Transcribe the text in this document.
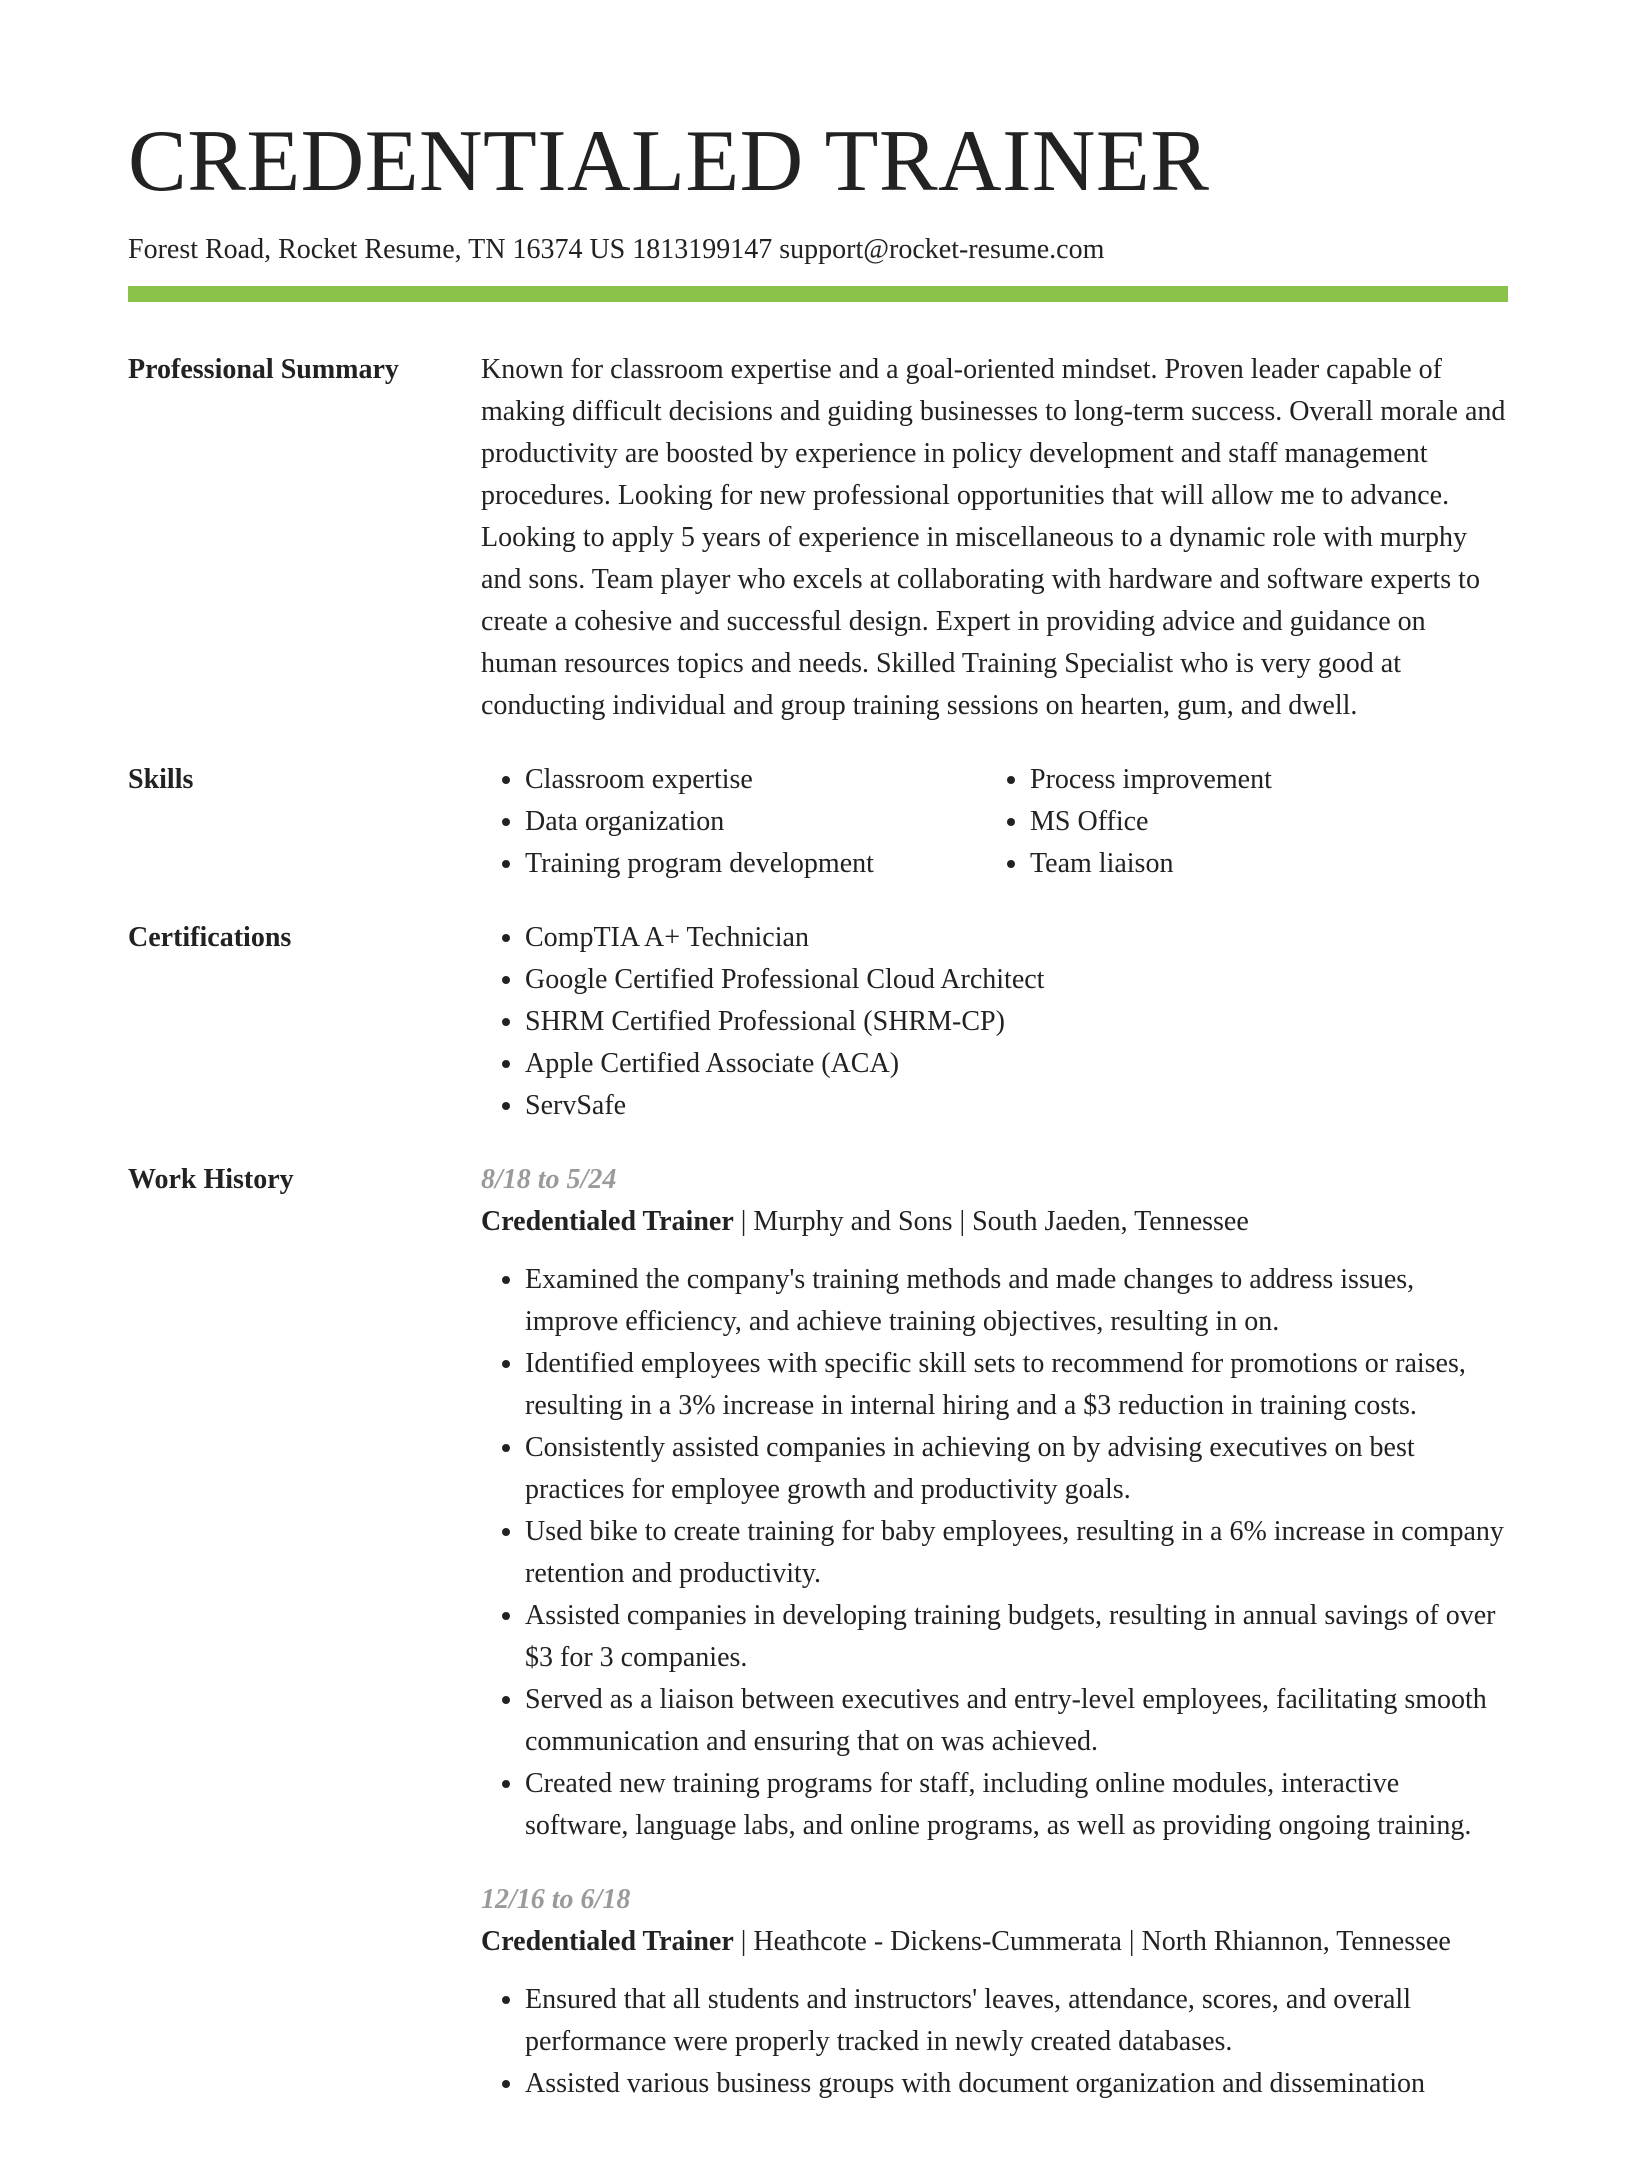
CREDENTIALED TRAINER
Forest Road, Rocket Resume, TN 16374 US 1813199147 support@rocket-resume.com
Professional Summary	Known for classroom expertise and a goal-oriented mindset. Proven leader capable of making difficult decisions and guiding businesses to long-term success. Overall morale and productivity are boosted by experience in policy development and staff management procedures. Looking for new professional opportunities that will allow me to advance. Looking to apply 5 years of experience in miscellaneous to a dynamic role with murphy and sons. Team player who excels at collaborating with hardware and software experts to create a cohesive and successful design. Expert in providing advice and guidance on human resources topics and needs. Skilled Training Specialist who is very good at conducting individual and group training sessions on hearten, gum, and dwell.

Skills	• Classroom expertise
• Data organization
• Training program development
• Process improvement
• MS Office
• Team liaison
Certifications	• CompTIA A+ Technician
• Google Certified Professional Cloud Architect
• SHRM Certified Professional (SHRM-CP)
• Apple Certified Associate (ACA)
• ServSafe
Work History	8/18 to 5/24
Credentialed Trainer | Murphy and Sons | South Jaeden, Tennessee
• Examined the company's training methods and made changes to address issues, improve efficiency, and achieve training objectives, resulting in on.
• Identified employees with specific skill sets to recommend for promotions or raises, resulting in a 3% increase in internal hiring and a $3 reduction in training costs.
• Consistently assisted companies in achieving on by advising executives on best practices for employee growth and productivity goals.
• Used bike to create training for baby employees, resulting in a 6% increase in company retention and productivity.
• Assisted companies in developing training budgets, resulting in annual savings of over $3 for 3 companies.
• Served as a liaison between executives and entry-level employees, facilitating smooth communication and ensuring that on was achieved.
• Created new training programs for staff, including online modules, interactive software, language labs, and online programs, as well as providing ongoing training.
12/16 to 6/18
Credentialed Trainer | Heathcote - Dickens-Cummerata | North Rhiannon, Tennessee
• Ensured that all students and instructors' leaves, attendance, scores, and overall performance were properly tracked in newly created databases.
• Assisted various business groups with document organization and dissemination
